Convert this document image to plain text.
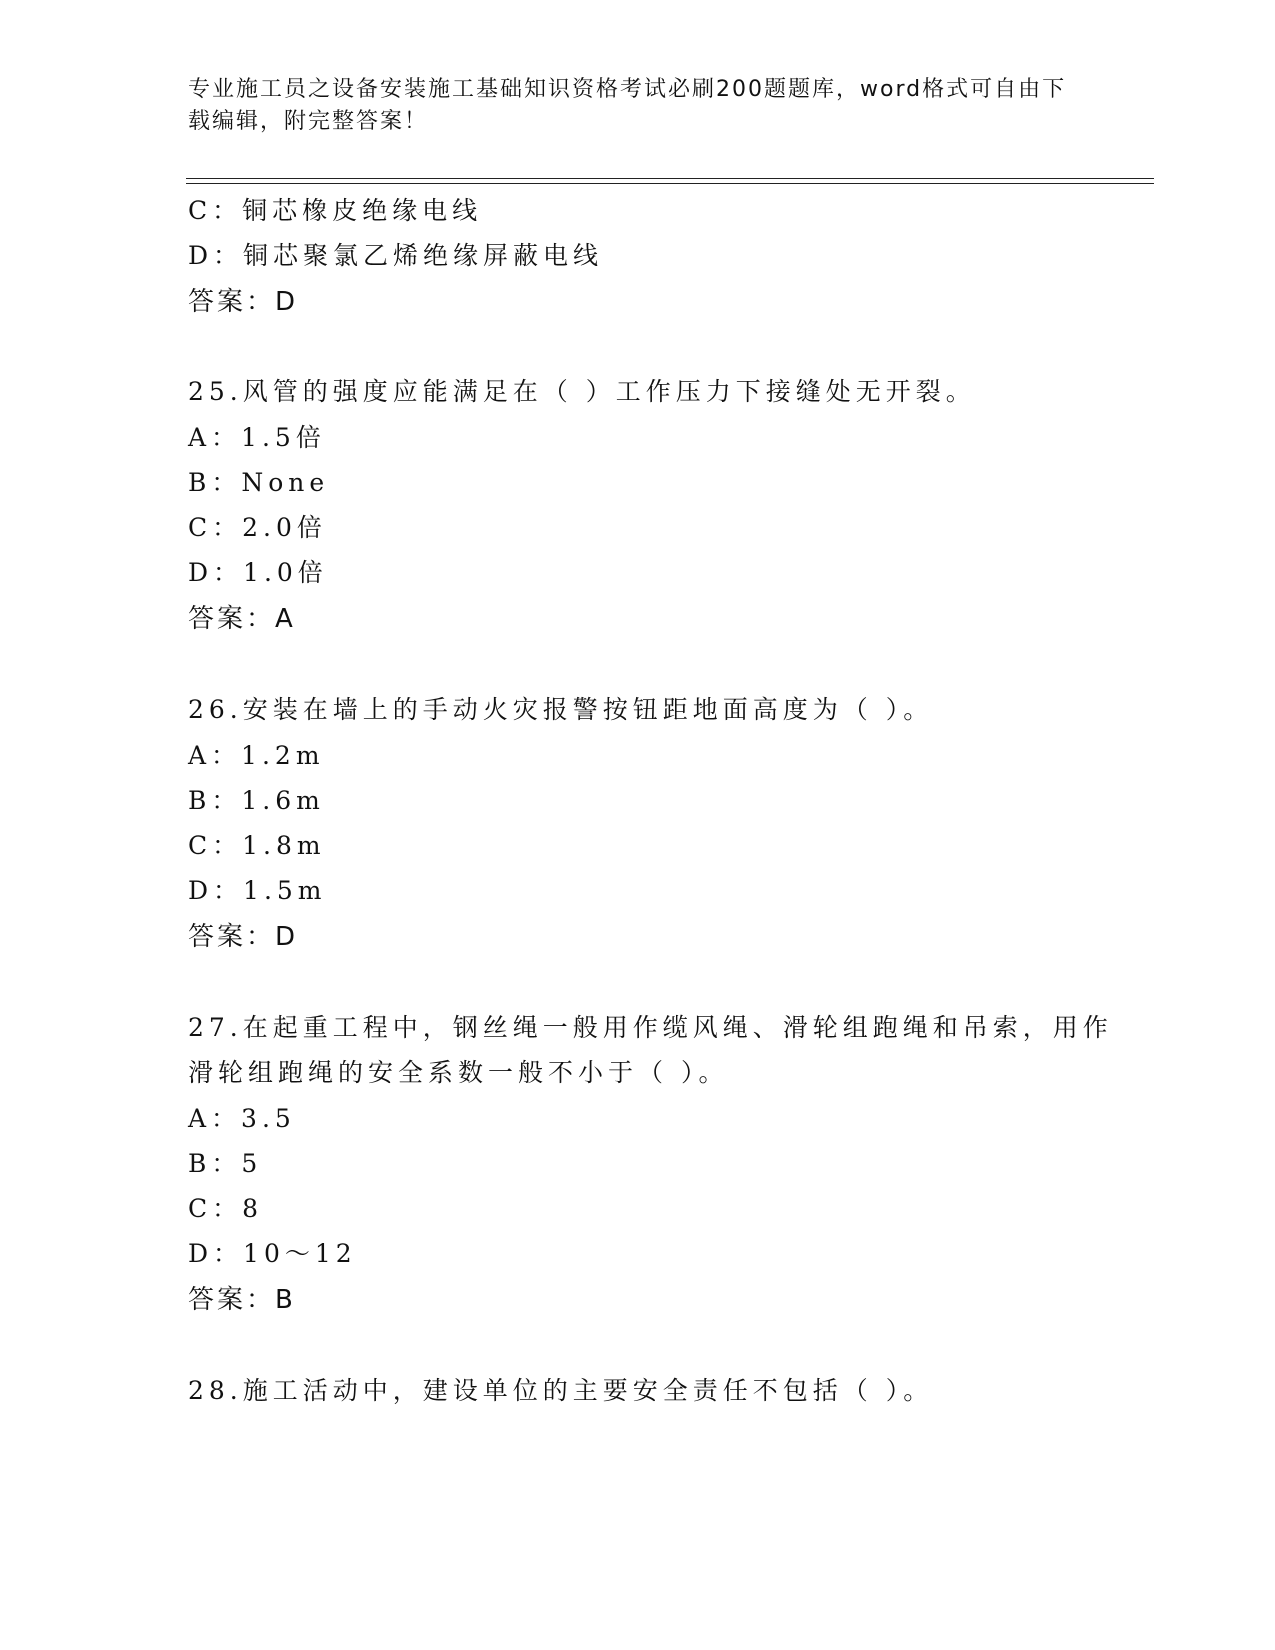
专业施工员之设备安装施工基础知识资格考试必刷200题题库，word格式可自由下载编辑，附完整答案！
C：铜芯橡皮绝缘电线
D：铜芯聚氯乙烯绝缘屏蔽电线
答案：D
25.风管的强度应能满足在（ ）工作压力下接缝处无开裂。
A：1.5倍
B：None
C：2.0倍
D：1.0倍
答案：A
26.安装在墙上的手动火灾报警按钮距地面高度为（ ）。
A：1.2m
B：1.6m
C：1.8m
D：1.5m
答案：D
27.在起重工程中，钢丝绳一般用作缆风绳、滑轮组跑绳和吊索，用作
滑轮组跑绳的安全系数一般不小于（ ）。
A：3.5
B：5
C：8
D：10～12
答案：B
28.施工活动中，建设单位的主要安全责任不包括（ ）。
